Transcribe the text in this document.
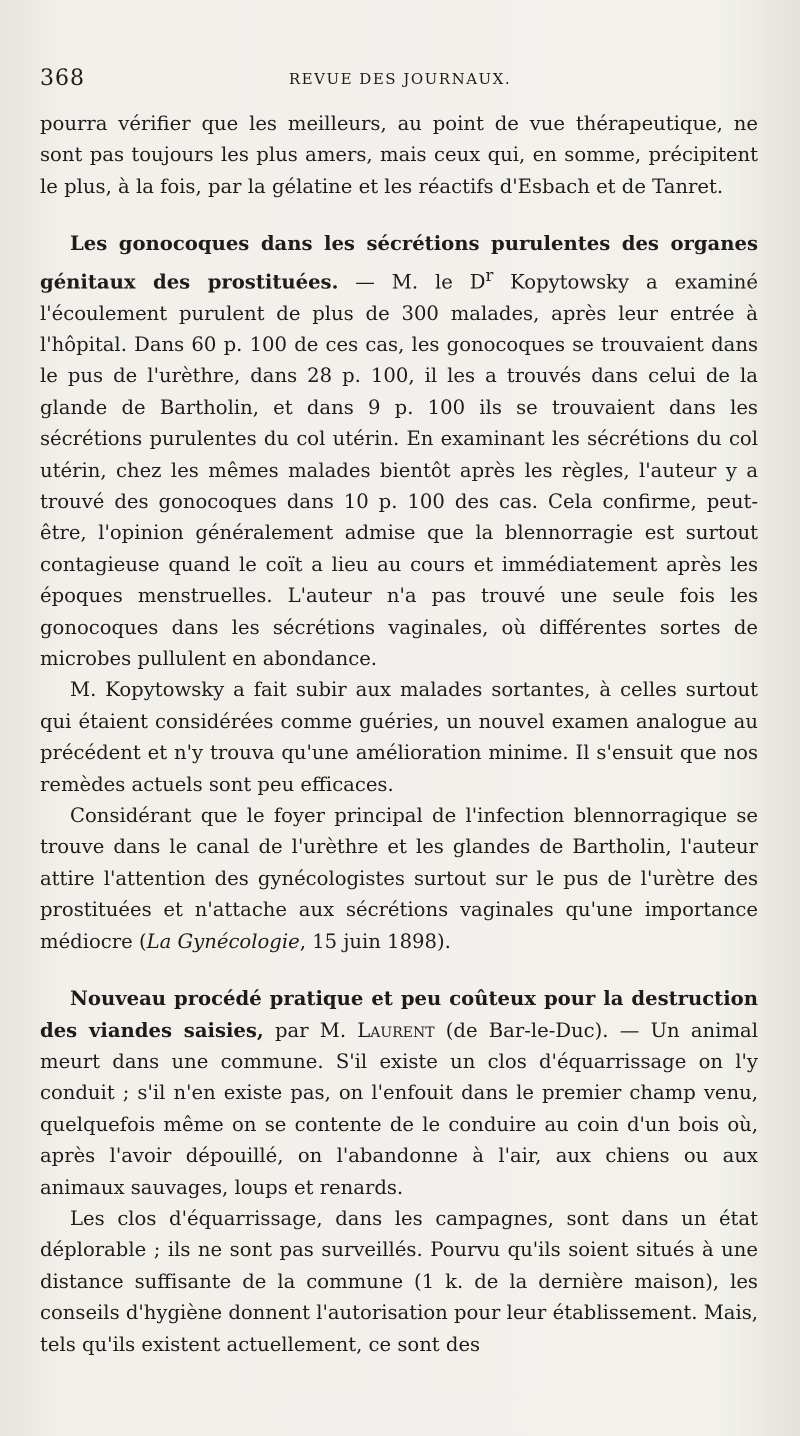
368	REVUE DES JOURNAUX.

pourra vérifier que les meilleurs, au point de vue thérapeutique, ne sont pas toujours les plus amers, mais ceux qui, en somme, précipitent le plus, à la fois, par la gélatine et les réactifs d'Esbach et de Tanret.

Les gonocoques dans les sécrétions purulentes des organes génitaux des prostituées. — M. le $D^r$ Kopytowsky a examiné l'écoulement purulent de plus de 300 malades, après leur entrée à l'hôpital. Dans 60 p. 100 de ces cas, les gonocoques se trouvaient dans le pus de l'urèthre, dans 28 p. 100, il les a trouvés dans celui de la glande de Bartholin, et dans 9 p. 100 ils se trouvaient dans les sécrétions purulentes du col utérin. En examinant les sécrétions du col utérin, chez les mêmes malades bientôt après les règles, l'auteur y a trouvé des gonocoques dans 10 p. 100 des cas. Cela confirme, peut-être, l'opinion généralement admise que la blennorragie est surtout contagieuse quand le coït a lieu au cours et immédiatement après les époques menstruelles. L'auteur n'a pas trouvé une seule fois les gonocoques dans les sécrétions vaginales, où différentes sortes de microbes pullulent en abondance.

M. Kopytowsky a fait subir aux malades sortantes, à celles surtout qui étaient considérées comme guéries, un nouvel examen analogue au précédent et n'y trouva qu'une amélioration minime. Il s'ensuit que nos remèdes actuels sont peu efficaces.

Considérant que le foyer principal de l'infection blennorragique se trouve dans le canal de l'urèthre et les glandes de Bartholin, l'auteur attire l'attention des gynécologistes surtout sur le pus de l'urètre des prostituées et n'attache aux sécrétions vaginales qu'une importance médiocre (La Gynécologie, 15 juin 1898).

Nouveau procédé pratique et peu coûteux pour la destruction des viandes saisies, par M. Laurent (de Bar-le-Duc). — Un animal meurt dans une commune. S'il existe un clos d'équarrissage on l'y conduit ; s'il n'en existe pas, on l'enfouit dans le premier champ venu, quelquefois même on se contente de le conduire au coin d'un bois où, après l'avoir dépouillé, on l'abandonne à l'air, aux chiens ou aux animaux sauvages, loups et renards.

Les clos d'équarrissage, dans les campagnes, sont dans un état déplorable ; ils ne sont pas surveillés. Pourvu qu'ils soient situés à une distance suffisante de la commune (1 k. de la dernière maison), les conseils d'hygiène donnent l'autorisation pour leur établissement. Mais, tels qu'ils existent actuellement, ce sont des
